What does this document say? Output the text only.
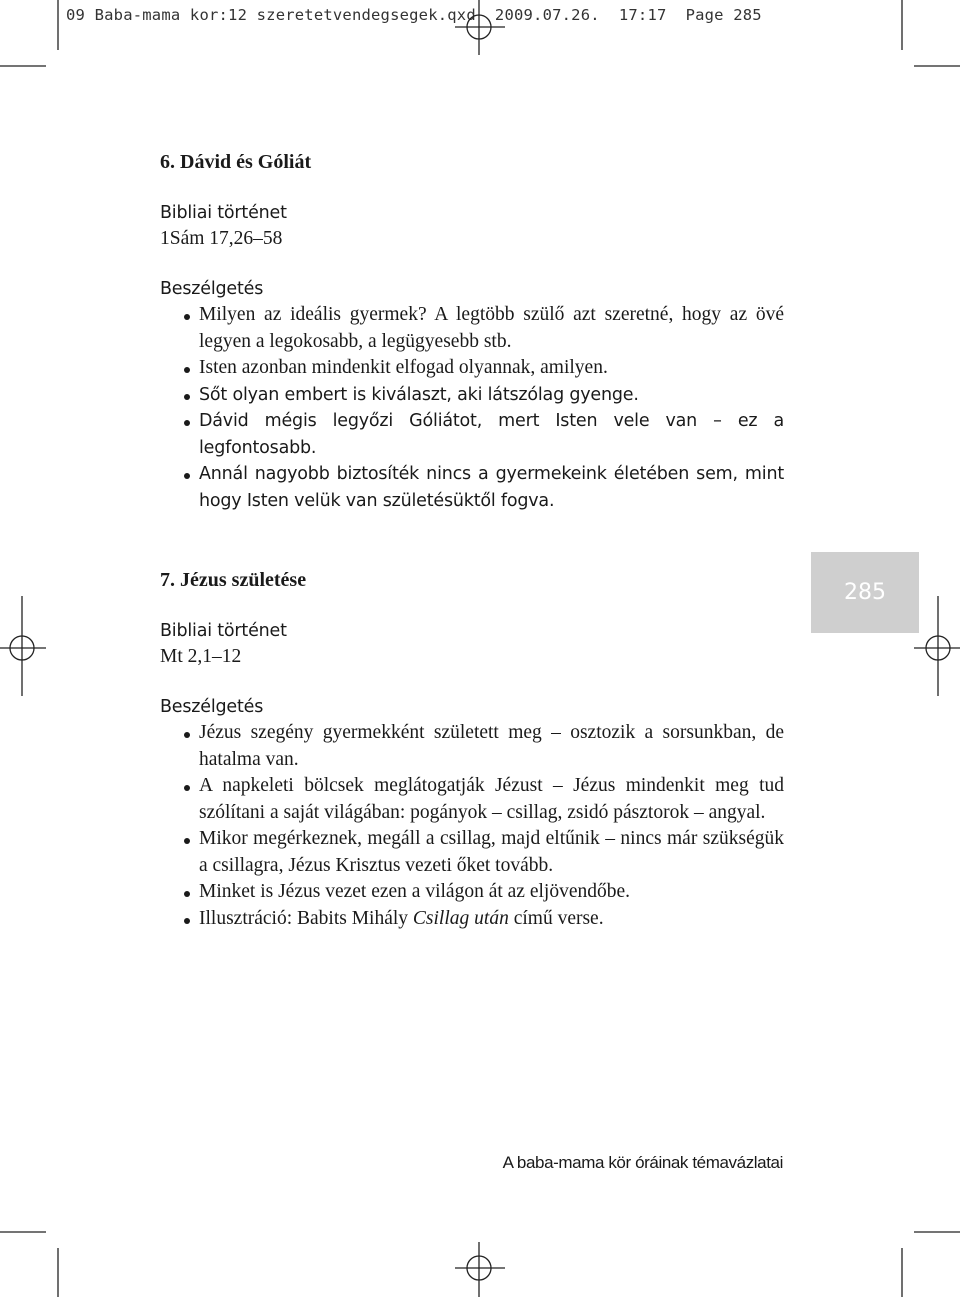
09 Baba-mama kor:12 szeretetvendegsegek.qxd  2009.07.26.  17:17  Page 285
285
6. Dávid és Góliát

Bibliai történet

1Sám 17,26–58

Beszélgetés

Milyen az ideális gyermek? A legtöbb szülő azt szeretné, hogy az övé legyen a legokosabb, a legügyesebb stb.
Isten azonban mindenkit elfogad olyannak, amilyen.
Sőt olyan embert is kiválaszt, aki látszólag gyenge.
Dávid mégis legyőzi Góliátot, mert Isten vele van – ez a legfontosabb.
Annál nagyobb biztosíték nincs a gyermekeink életében sem, mint hogy Isten velük van születésüktől fogva.
7. Jézus születése

Bibliai történet

Mt 2,1–12

Beszélgetés

Jézus szegény gyermekként született meg – osztozik a sorsunkban, de hatalma van.
A napkeleti bölcsek meglátogatják Jézust – Jézus mindenkit meg tud szólítani a saját világában: pogányok – csillag, zsidó pásztorok – angyal.
Mikor megérkeznek, megáll a csillag, majd eltűnik – nincs már szükségük a csillagra, Jézus Krisztus vezeti őket tovább.
Minket is Jézus vezet ezen a világon át az eljövendőbe.
Illusztráció: Babits Mihály Csillag után című verse.
A baba-mama kör óráinak témavázlatai
